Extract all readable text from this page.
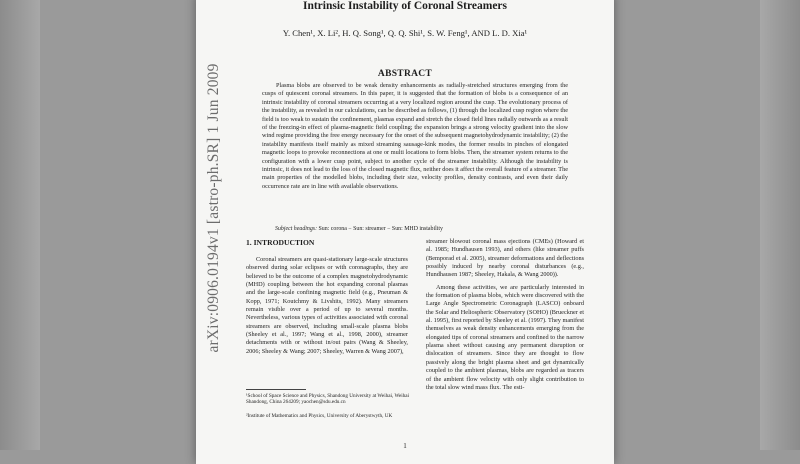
arXiv:0906.0194v1 [astro-ph.SR] 1 Jun 2009
Intrinsic Instability of Coronal Streamers
Y. Chen¹, X. Li², H. Q. Song¹, Q. Q. Shi¹, S. W. Feng¹, AND L. D. Xia¹
ABSTRACT

Plasma blobs are observed to be weak density enhancements as radially-stretched structures emerging from the cusps of quiescent coronal streamers. In this paper, it is suggested that the formation of blobs is a consequence of an intrinsic instability of coronal streamers occurring at a very localized region around the cusp. The evolutionary process of the instability, as revealed in our calculations, can be described as follows, (1) through the localized cusp region where the field is too weak to sustain the confinement, plasmas expand and stretch the closed field lines radially outwards as a result of the freezing-in effect of plasma-magnetic field coupling; the expansion brings a strong velocity gradient into the slow wind regime providing the free energy necessary for the onset of the subsequent magnetohydrodynamic instability; (2) the instability manifests itself mainly as mixed streaming sausage-kink modes, the former results in pinches of elongated magnetic loops to provoke reconnections at one or multi locations to form blobs. Then, the streamer system returns to the configuration with a lower cusp point, subject to another cycle of the streamer instability. Although the instability is intrinsic, it does not lead to the loss of the closed magnetic flux, neither does it affect the overall feature of a streamer. The main properties of the modelled blobs, including their size, velocity profiles, density contrasts, and even their daily occurrence rate are in line with available observations.

Subject headings: Sun: corona − Sun: streamer − Sun: MHD instability
1. INTRODUCTION

Coronal streamers are quasi-stationary large-scale structures observed during solar eclipses or with coronagraphs, they are believed to be the outcome of a complex magnetohydrodynamic (MHD) coupling between the hot expanding coronal plasmas and the large-scale confining magnetic field (e.g., Pneuman & Kopp, 1971; Koutchmy & Livshits, 1992). Many streamers remain visible over a period of up to several months. Nevertheless, various types of activities associated with coronal streamers are observed, including small-scale plasma blobs (Sheeley et al., 1997; Wang et al., 1998, 2000), streamer detachments with or without in/out pairs (Wang & Sheeley, 2006; Sheeley & Wang; 2007; Sheeley, Warren & Wang 2007),

streamer blowout coronal mass ejections (CMEs) (Howard et al. 1985; Hundhausen 1993), and others (like streamer puffs (Bemporad et al. 2005), streamer deformations and deflections possibly induced by nearby coronal disturbances (e.g., Hundhausen 1987; Sheeley, Hakala, & Wang 2000)).

Among these activities, we are particularly interested in the formation of plasma blobs, which were discovered with the Large Angle Spectrometric Coronagraph (LASCO) onboard the Solar and Heliospheric Observatory (SOHO) (Brueckner et al. 1995), first reported by Sheeley et al. (1997). They manifest themselves as weak density enhancements emerging from the elongated tips of coronal streamers and confined to the narrow plasma sheet without causing any permanent disruption or dislocation of streamers. Since they are thought to flow passively along the bright plasma sheet and get dynamically coupled to the ambient plasmas, blobs are regarded as tracers of the ambient flow velocity with only slight contribution to the total slow wind mass flux. The esti-

¹School of Space Science and Physics, Shandong University at Weihai, Weihai Shandong, China 264209; yaochen@sdu.edu.cn
²Institute of Mathematics and Physics, University of Aberystwyth, UK
1
